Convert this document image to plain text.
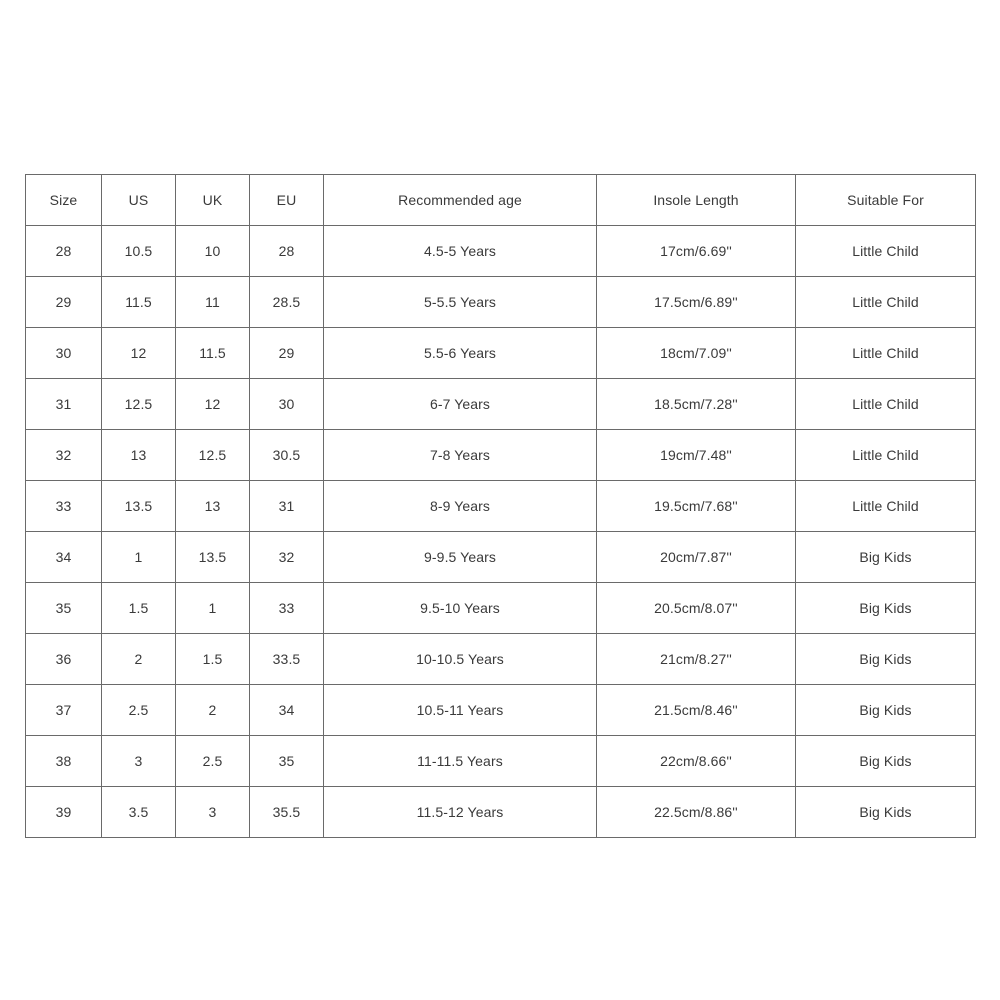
Size	US	UK	EU	Recommended age	Insole Length	Suitable For
28	10.5	10	28	4.5-5 Years	17cm/6.69''	Little Child
29	11.5	11	28.5	5-5.5 Years	17.5cm/6.89''	Little Child
30	12	11.5	29	5.5-6 Years	18cm/7.09''	Little Child
31	12.5	12	30	6-7 Years	18.5cm/7.28''	Little Child
32	13	12.5	30.5	7-8 Years	19cm/7.48''	Little Child
33	13.5	13	31	8-9 Years	19.5cm/7.68''	Little Child
34	1	13.5	32	9-9.5 Years	20cm/7.87''	Big Kids
35	1.5	1	33	9.5-10 Years	20.5cm/8.07''	Big Kids
36	2	1.5	33.5	10-10.5 Years	21cm/8.27''	Big Kids
37	2.5	2	34	10.5-11 Years	21.5cm/8.46''	Big Kids
38	3	2.5	35	11-11.5 Years	22cm/8.66''	Big Kids
39	3.5	3	35.5	11.5-12 Years	22.5cm/8.86''	Big Kids
